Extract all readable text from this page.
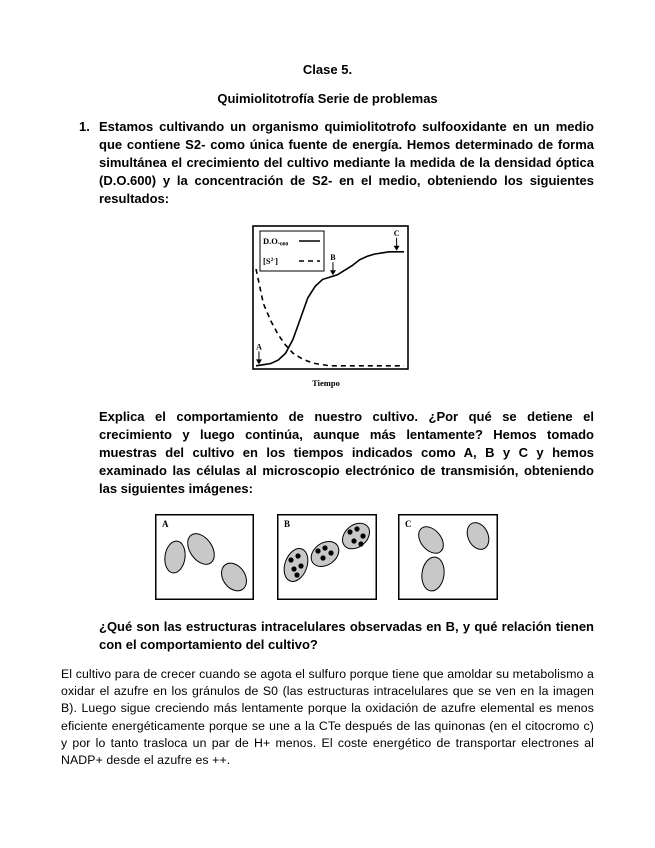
Clase 5.
Quimiolitotrofía Serie de problemas
1. Estamos cultivando un organismo quimiolitotrofo sulfooxidante en un medio que contiene S2- como única fuente de energía. Hemos determinado de forma simultánea el crecimiento del cultivo mediante la medida de la densidad óptica (D.O.600) y la concentración de S2- en el medio, obteniendo los siguientes resultados:
D.O.600
$[S^{2-}]$
A
B
C
Tiempo
Explica el comportamiento de nuestro cultivo. ¿Por qué se detiene el crecimiento y luego continúa, aunque más lentamente? Hemos tomado muestras del cultivo en los tiempos indicados como A, B y C y hemos examinado las células al microscopio electrónico de transmisión, obteniendo las siguientes imágenes:
A	B	C
¿Qué son las estructuras intracelulares observadas en B, y qué relación tienen con el comportamiento del cultivo?
El cultivo para de crecer cuando se agota el sulfuro porque tiene que amoldar su metabolismo a oxidar el azufre en los gránulos de S0 (las estructuras intracelulares que se ven en la imagen B). Luego sigue creciendo más lentamente porque la oxidación de azufre elemental es menos eficiente energéticamente porque se une a la CTe después de las quinonas (en el citocromo c) y por lo tanto trasloca un par de H+ menos. El coste energético de transportar electrones al NADP+ desde el azufre es ++.
